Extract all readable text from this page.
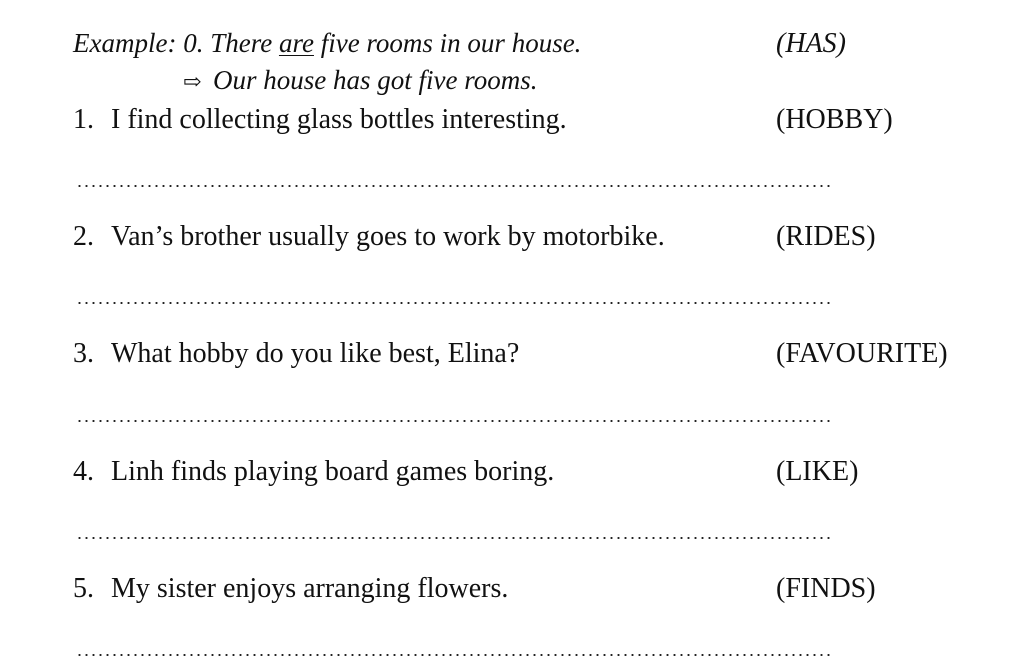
Example: 0. There are five rooms in our house.	(HAS)
⇨ Our house has got five rooms.
1. I find collecting glass bottles interesting.	(HOBBY)
2. Van’s brother usually goes to work by motorbike.	(RIDES)
3. What hobby do you like best, Elina?	(FAVOURITE)
4. Linh finds playing board games boring.	(LIKE)
5. My sister enjoys arranging flowers.	(FINDS)
